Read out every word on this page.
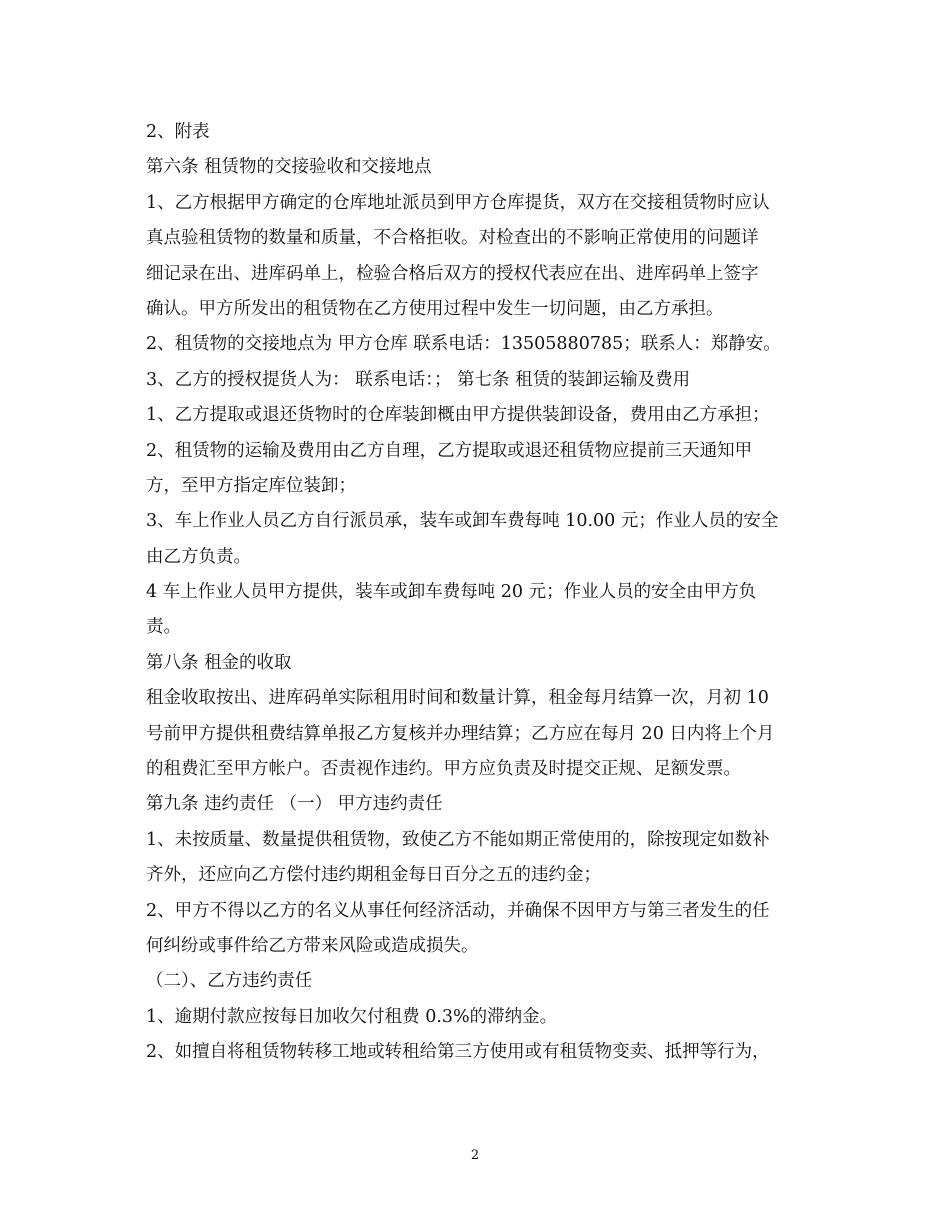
2、附表
第六条 租赁物的交接验收和交接地点
1、乙方根据甲方确定的仓库地址派员到甲方仓库提货，双方在交接租赁物时应认
真点验租赁物的数量和质量，不合格拒收。对检查出的不影响正常使用的问题详
细记录在出、进库码单上，检验合格后双方的授权代表应在出、进库码单上签字
确认。甲方所发出的租赁物在乙方使用过程中发生一切问题，由乙方承担。
2、租赁物的交接地点为 甲方仓库 联系电话：13505880785；联系人：郑静安。
3、乙方的授权提货人为： 联系电话：； 第七条 租赁的装卸运输及费用
1、乙方提取或退还货物时的仓库装卸概由甲方提供装卸设备，费用由乙方承担；
2、租赁物的运输及费用由乙方自理，乙方提取或退还租赁物应提前三天通知甲
方，至甲方指定库位装卸；
3、车上作业人员乙方自行派员承，装车或卸车费每吨 10.00 元；作业人员的安全
由乙方负责。
4 车上作业人员甲方提供，装车或卸车费每吨 20 元；作业人员的安全由甲方负
责。
第八条 租金的收取
租金收取按出、进库码单实际租用时间和数量计算，租金每月结算一次，月初 10
号前甲方提供租费结算单报乙方复核并办理结算；乙方应在每月 20 日内将上个月
的租费汇至甲方帐户。否责视作违约。甲方应负责及时提交正规、足额发票。
第九条 违约责任 （一） 甲方违约责任
1、未按质量、数量提供租赁物，致使乙方不能如期正常使用的，除按现定如数补
齐外，还应向乙方偿付违约期租金每日百分之五的违约金；
2、甲方不得以乙方的名义从事任何经济活动，并确保不因甲方与第三者发生的任
何纠纷或事件给乙方带来风险或造成损失。
（二）、乙方违约责任
1、逾期付款应按每日加收欠付租费 0.3%的滞纳金。
2、如擅自将租赁物转移工地或转租给第三方使用或有租赁物变卖、抵押等行为，
2
